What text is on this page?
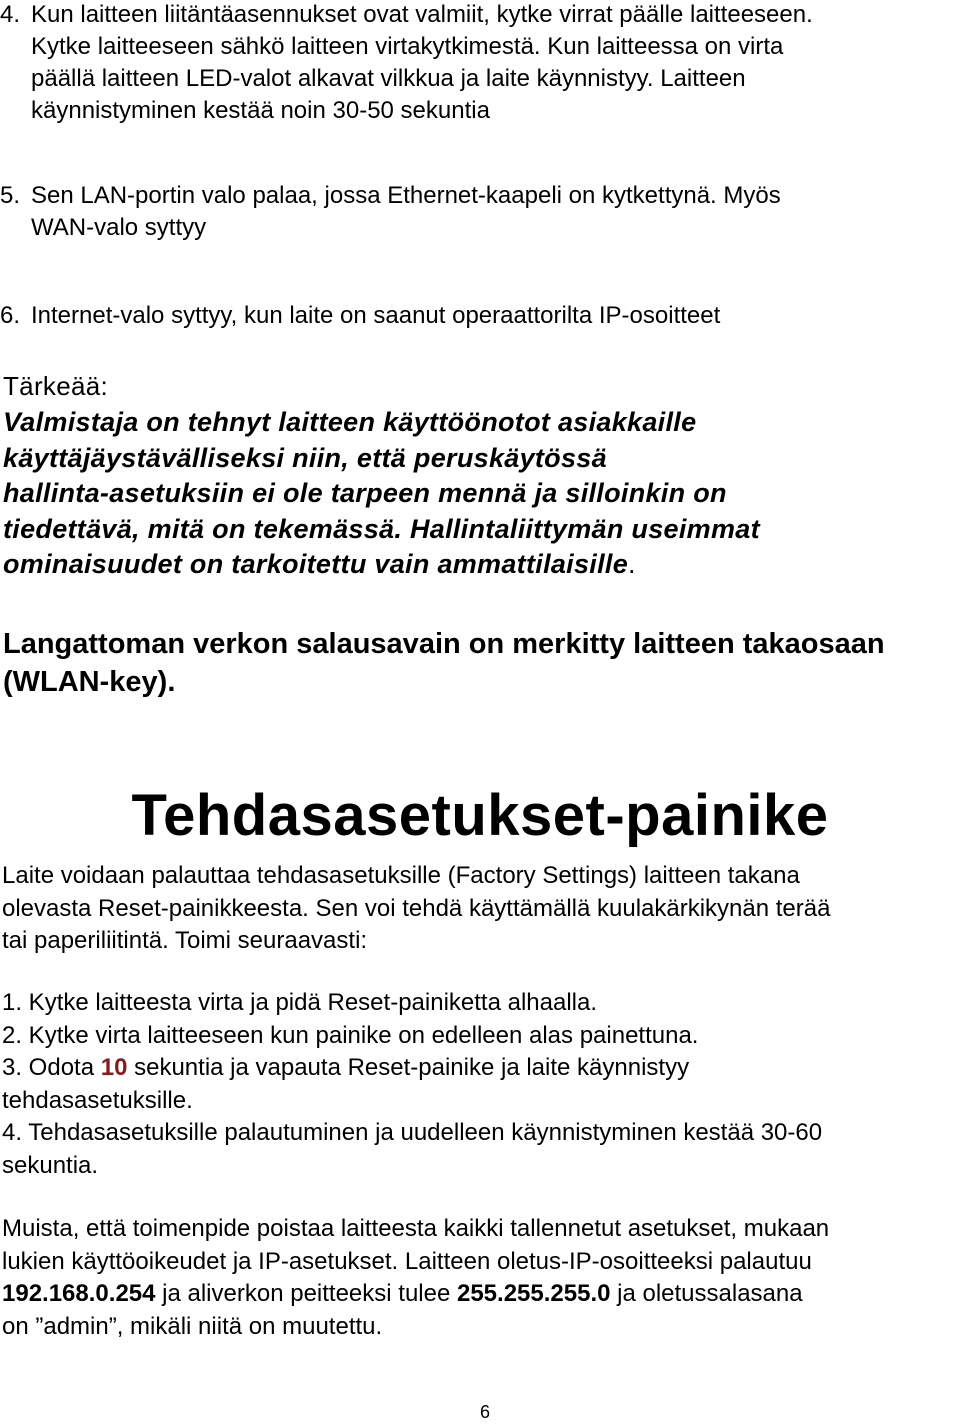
4. Kun laitteen liitäntäasennukset ovat valmiit, kytke virrat päälle laitteeseen.
Kytke laitteeseen sähkö laitteen virtakytkimestä. Kun laitteessa on virta
päällä laitteen LED-valot alkavat vilkkua ja laite käynnistyy. Laitteen
käynnistyminen kestää noin 30-50 sekuntia
5. Sen LAN-portin valo palaa, jossa Ethernet-kaapeli on kytkettynä. Myös
WAN-valo syttyy
6. Internet-valo syttyy, kun laite on saanut operaattorilta IP-osoitteet
Tärkeää:
Valmistaja on tehnyt laitteen käyttöönotot asiakkaille
käyttäjäystävälliseksi niin, että peruskäytössä
hallinta-asetuksiin ei ole tarpeen mennä ja silloinkin on
tiedettävä, mitä on tekemässä. Hallintaliittymän useimmat
ominaisuudet on tarkoitettu vain ammattilaisille.
Langattoman verkon salausavain on merkitty laitteen takaosaan
(WLAN-key).
Tehdasasetukset-painike
Laite voidaan palauttaa tehdasasetuksille (Factory Settings) laitteen takana
olevasta Reset-painikkeesta. Sen voi tehdä käyttämällä kuulakärkikynän terää
tai paperiliitintä. Toimi seuraavasti:
1. Kytke laitteesta virta ja pidä Reset-painiketta alhaalla.
2. Kytke virta laitteeseen kun painike on edelleen alas painettuna.
3. Odota 10 sekuntia ja vapauta Reset-painike ja laite käynnistyy
tehdasasetuksille.
4. Tehdasasetuksille palautuminen ja uudelleen käynnistyminen kestää 30-60
sekuntia.
Muista, että toimenpide poistaa laitteesta kaikki tallennetut asetukset, mukaan
lukien käyttöoikeudet ja IP-asetukset. Laitteen oletus-IP-osoitteeksi palautuu
192.168.0.254 ja aliverkon peitteeksi tulee 255.255.255.0 ja oletussalasana
on ”admin”, mikäli niitä on muutettu.
6
